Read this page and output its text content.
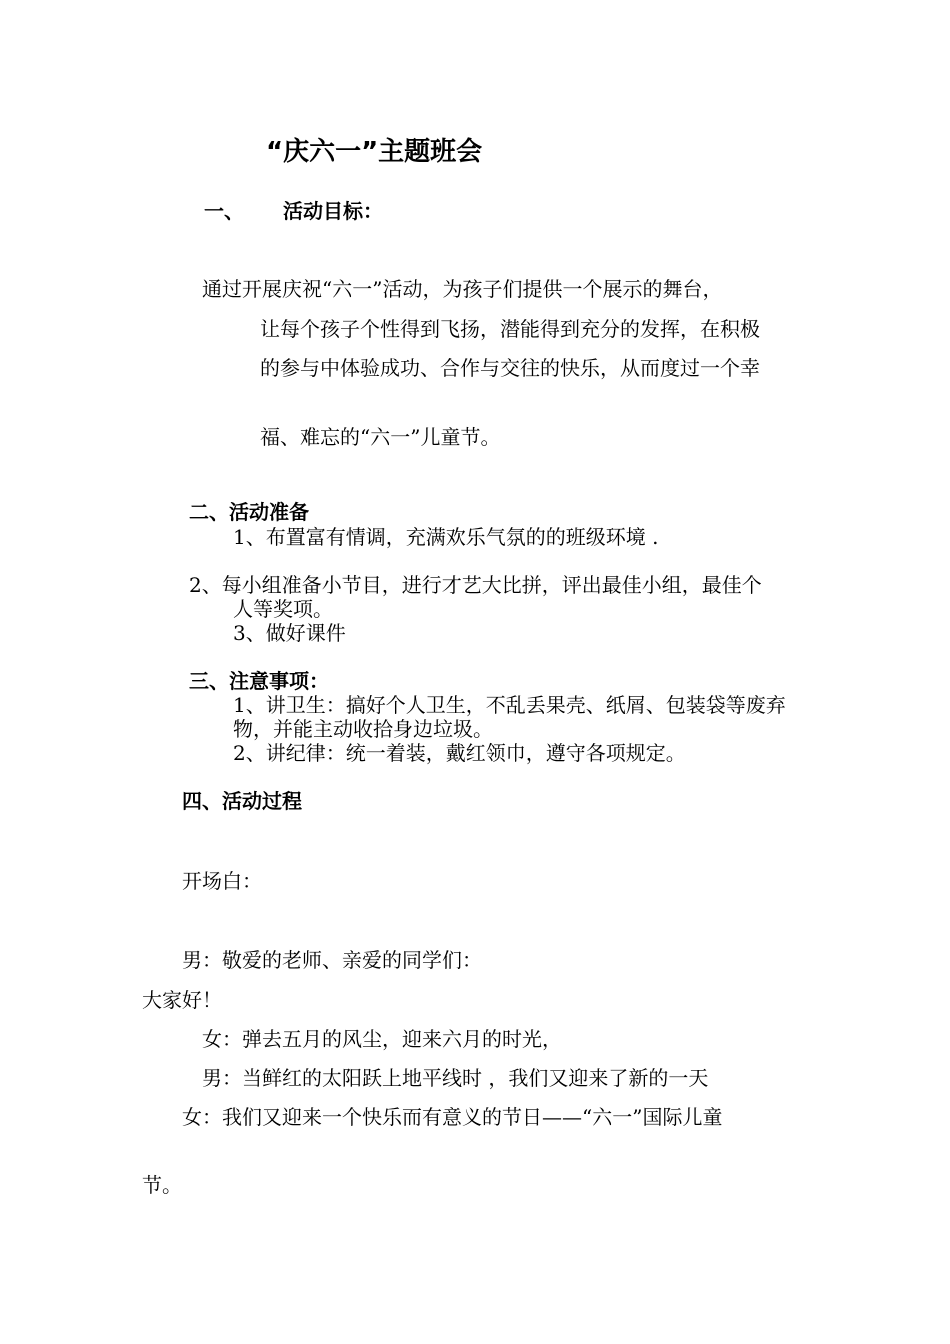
“庆六一”主题班会
一、 活动目标：
通过开展庆祝“六一”活动，为孩子们提供一个展示的舞台，
让每个孩子个性得到飞扬，潜能得到充分的发挥，在积极
的参与中体验成功、合作与交往的快乐，从而度过一个幸
福、难忘的“六一”儿童节。
二、活动准备
1、布置富有情调，充满欢乐气氛的的班级环境 .
2、每小组准备小节目，进行才艺大比拼，评出最佳小组，最佳个
人等奖项。
3、做好课件
三、注意事项：
1、讲卫生：搞好个人卫生，不乱丢果壳、纸屑、包装袋等废弃
物，并能主动收拾身边垃圾。
2、讲纪律：统一着装，戴红领巾，遵守各项规定。
四、活动过程
开场白：
男：敬爱的老师、亲爱的同学们：
大家好！
女：弹去五月的风尘，迎来六月的时光，
男：当鲜红的太阳跃上地平线时 ，我们又迎来了新的一天
女：我们又迎来一个快乐而有意义的节日——“六一”国际儿童
节。
